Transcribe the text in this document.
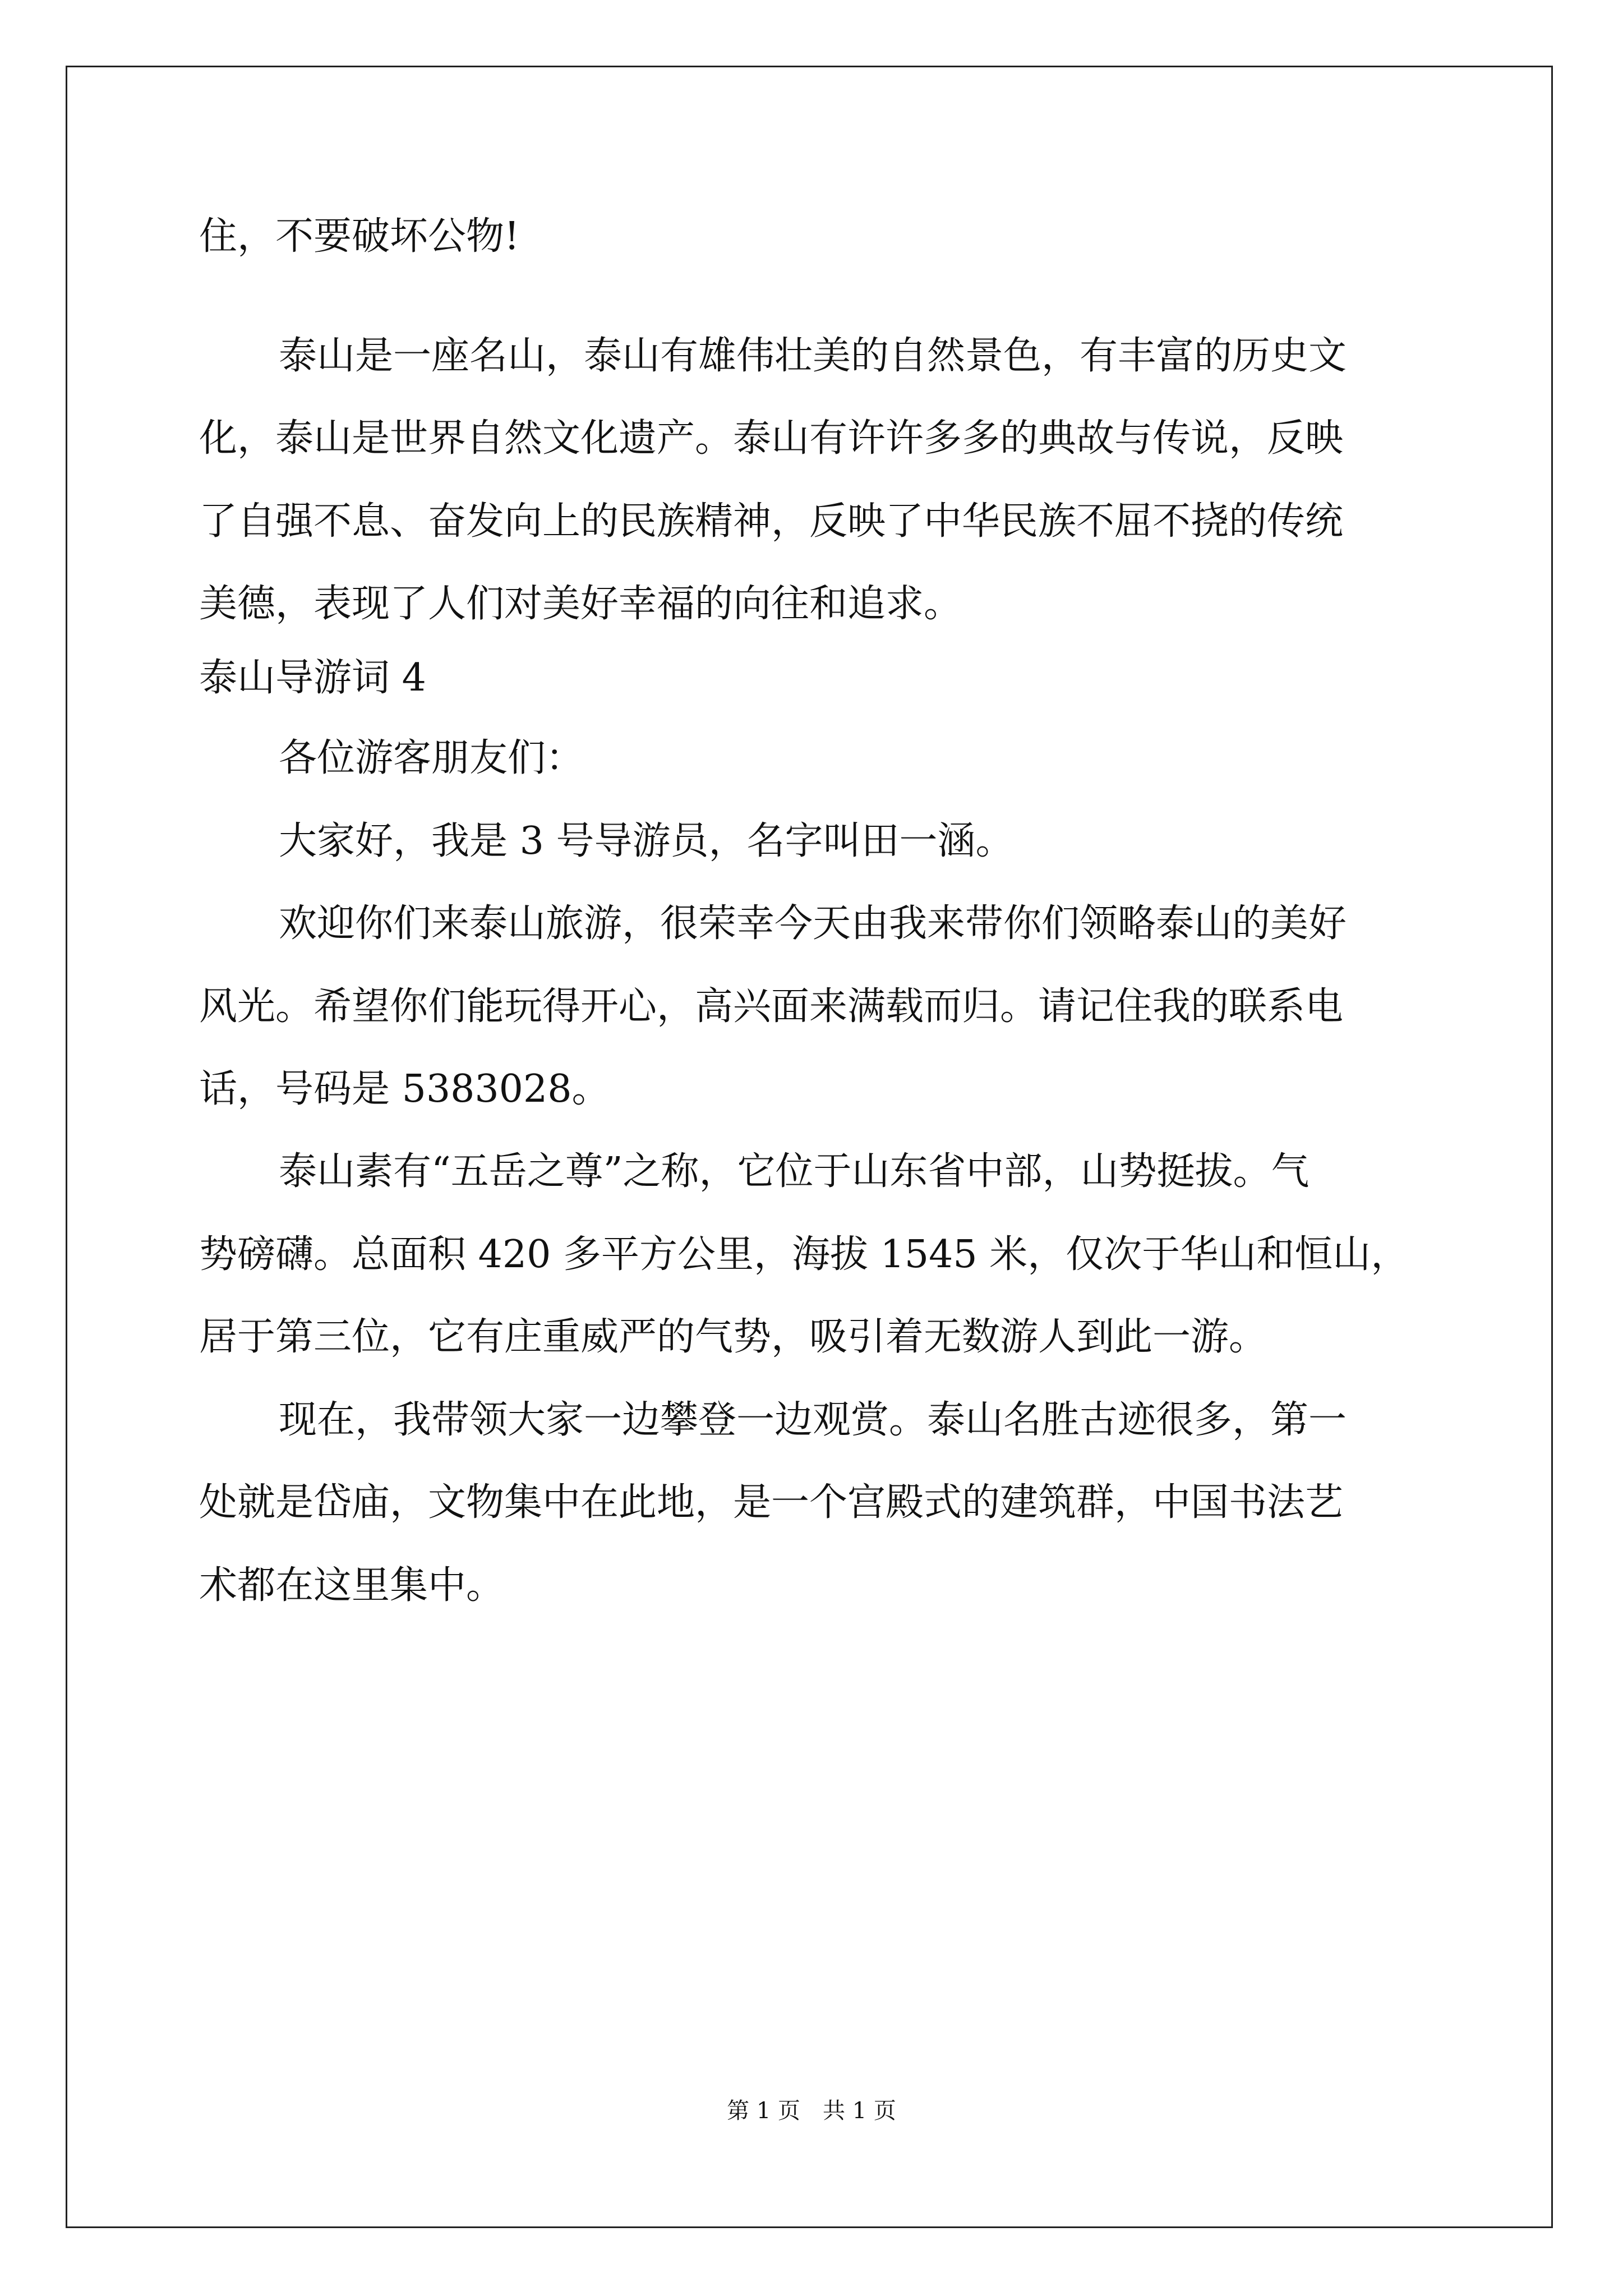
住，不要破坏公物!

泰山是一座名山，泰山有雄伟壮美的自然景色，有丰富的历史文

化，泰山是世界自然文化遗产。泰山有许许多多的典故与传说，反映

了自强不息、奋发向上的民族精神，反映了中华民族不屈不挠的传统

美德，表现了人们对美好幸福的向往和追求。

泰山导游词 4

各位游客朋友们：

大家好，我是 3 号导游员，名字叫田一涵。

欢迎你们来泰山旅游，很荣幸今天由我来带你们领略泰山的美好

风光。希望你们能玩得开心，高兴面来满载而归。请记住我的联系电

话，号码是 5383028。

泰山素有“五岳之尊”之称，它位于山东省中部，山势挺拔。气

势磅礴。总面积 420 多平方公里，海拔 1545 米，仅次于华山和恒山，

居于第三位，它有庄重威严的气势，吸引着无数游人到此一游。

现在，我带领大家一边攀登一边观赏。泰山名胜古迹很多，第一

处就是岱庙，文物集中在此地，是一个宫殿式的建筑群，中国书法艺

术都在这里集中。

第 1 页　共 1 页
